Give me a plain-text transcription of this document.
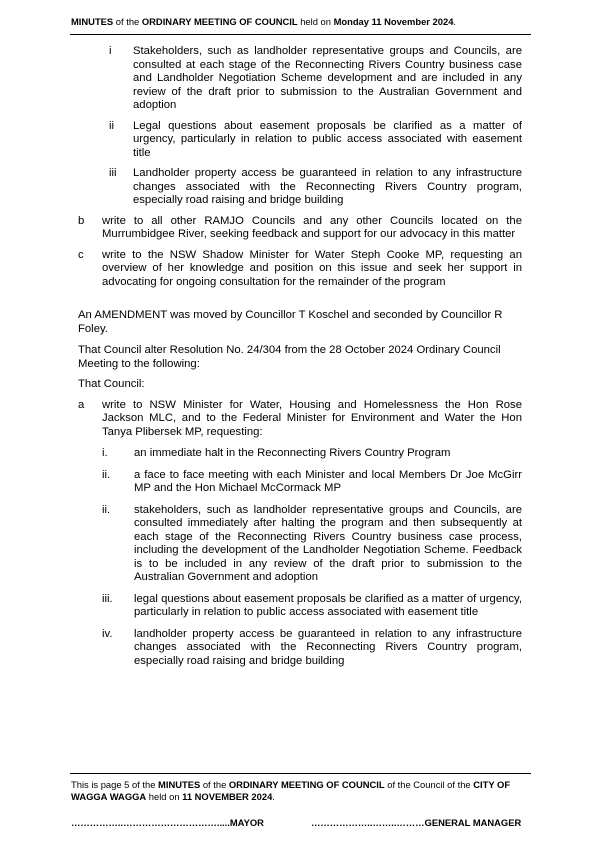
MINUTES of the ORDINARY MEETING OF COUNCIL held on Monday 11 November 2024.
i Stakeholders, such as landholder representative groups and Councils, are consulted at each stage of the Reconnecting Rivers Country business case and Landholder Negotiation Scheme development and are included in any review of the draft prior to submission to the Australian Government and adoption
ii Legal questions about easement proposals be clarified as a matter of urgency, particularly in relation to public access associated with easement title
iii Landholder property access be guaranteed in relation to any infrastructure changes associated with the Reconnecting Rivers Country program, especially road raising and bridge building
b write to all other RAMJO Councils and any other Councils located on the Murrumbidgee River, seeking feedback and support for our advocacy in this matter
c write to the NSW Shadow Minister for Water Steph Cooke MP, requesting an overview of her knowledge and position on this issue and seek her support in advocating for ongoing consultation for the remainder of the program
An AMENDMENT was moved by Councillor T Koschel and seconded by Councillor R Foley.
That Council alter Resolution No. 24/304 from the 28 October 2024 Ordinary Council Meeting to the following:
That Council:
a write to NSW Minister for Water, Housing and Homelessness the Hon Rose Jackson MLC, and to the Federal Minister for Environment and Water the Hon Tanya Plibersek MP, requesting:
i. an immediate halt in the Reconnecting Rivers Country Program
ii. a face to face meeting with each Minister and local Members Dr Joe McGirr MP and the Hon Michael McCormack MP
ii. stakeholders, such as landholder representative groups and Councils, are consulted immediately after halting the program and then subsequently at each stage of the Reconnecting Rivers Country business case process, including the development of the Landholder Negotiation Scheme. Feedback is to be included in any review of the draft prior to submission to the Australian Government and adoption
iii. legal questions about easement proposals be clarified as a matter of urgency, particularly in relation to public access associated with easement title
iv. landholder property access be guaranteed in relation to any infrastructure changes associated with the Reconnecting Rivers Country program, especially road raising and bridge building
This is page 5 of the MINUTES of the ORDINARY MEETING OF COUNCIL of the Council of the CITY OF WAGGA WAGGA held on 11 NOVEMBER 2024.
……………..………………………….....MAYOR	………………..……..………GENERAL MANAGER
